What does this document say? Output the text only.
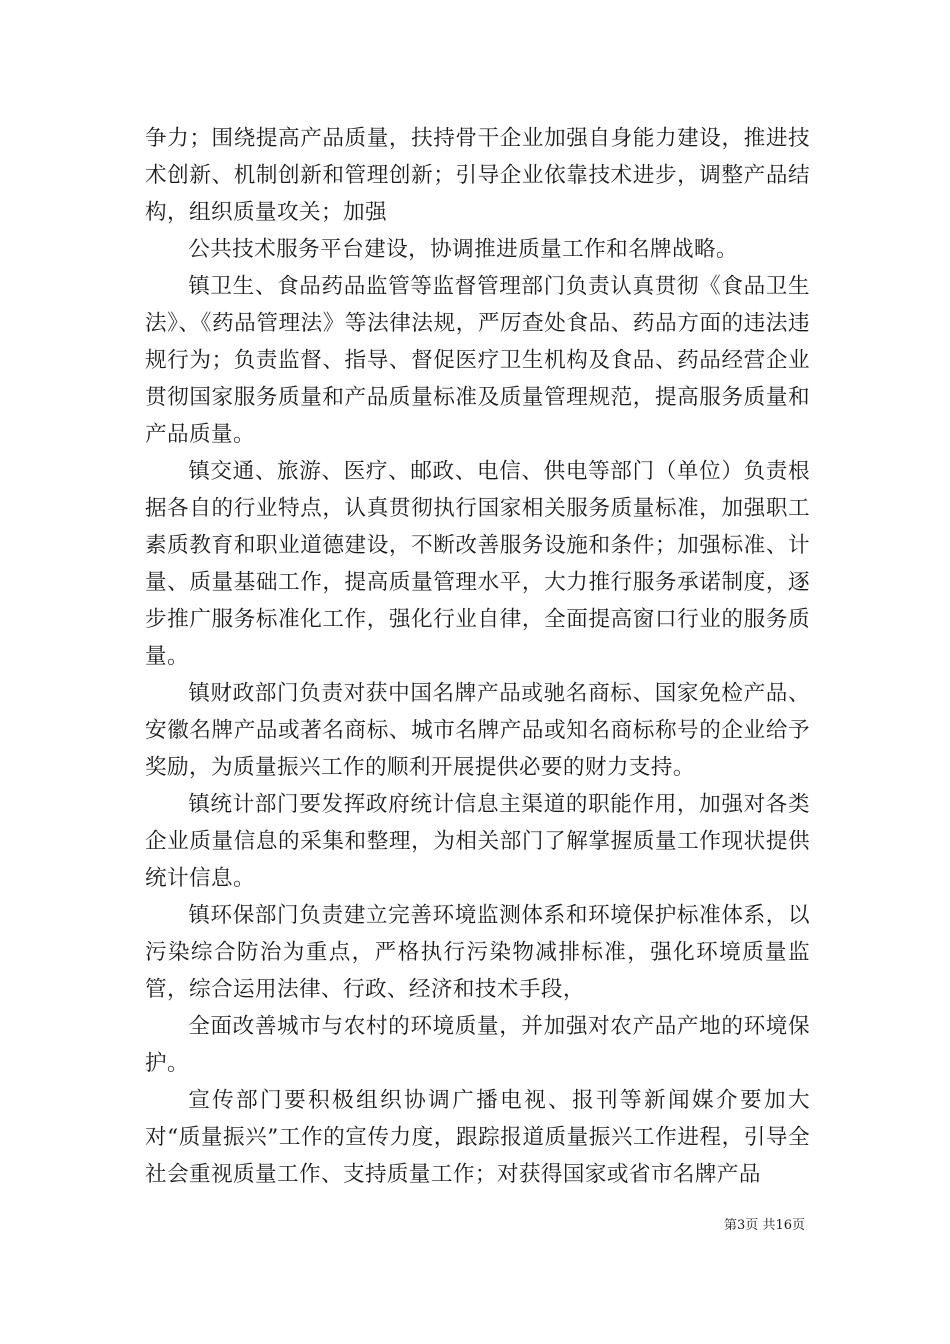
争力；围绕提高产品质量，扶持骨干企业加强自身能力建设，推进技术创新、机制创新和管理创新；引导企业依靠技术进步，调整产品结构，组织质量攻关；加强

公共技术服务平台建设，协调推进质量工作和名牌战略。

镇卫生、食品药品监管等监督管理部门负责认真贯彻《食品卫生法》、《药品管理法》等法律法规，严厉查处食品、药品方面的违法违规行为；负责监督、指导、督促医疗卫生机构及食品、药品经营企业贯彻国家服务质量和产品质量标准及质量管理规范，提高服务质量和产品质量。

镇交通、旅游、医疗、邮政、电信、供电等部门（单位）负责根据各自的行业特点，认真贯彻执行国家相关服务质量标准，加强职工素质教育和职业道德建设，不断改善服务设施和条件；加强标准、计量、质量基础工作，提高质量管理水平，大力推行服务承诺制度，逐步推广服务标准化工作，强化行业自律，全面提高窗口行业的服务质量。

镇财政部门负责对获中国名牌产品或驰名商标、国家免检产品、安徽名牌产品或著名商标、城市名牌产品或知名商标称号的企业给予奖励，为质量振兴工作的顺利开展提供必要的财力支持。

镇统计部门要发挥政府统计信息主渠道的职能作用，加强对各类企业质量信息的采集和整理，为相关部门了解掌握质量工作现状提供统计信息。

镇环保部门负责建立完善环境监测体系和环境保护标准体系，以污染综合防治为重点，严格执行污染物减排标准，强化环境质量监管，综合运用法律、行政、经济和技术手段，

全面改善城市与农村的环境质量，并加强对农产品产地的环境保护。

宣传部门要积极组织协调广播电视、报刊等新闻媒介要加大对“质量振兴”工作的宣传力度，跟踪报道质量振兴工作进程，引导全社会重视质量工作、支持质量工作；对获得国家或省市名牌产品

第3页 共16页
